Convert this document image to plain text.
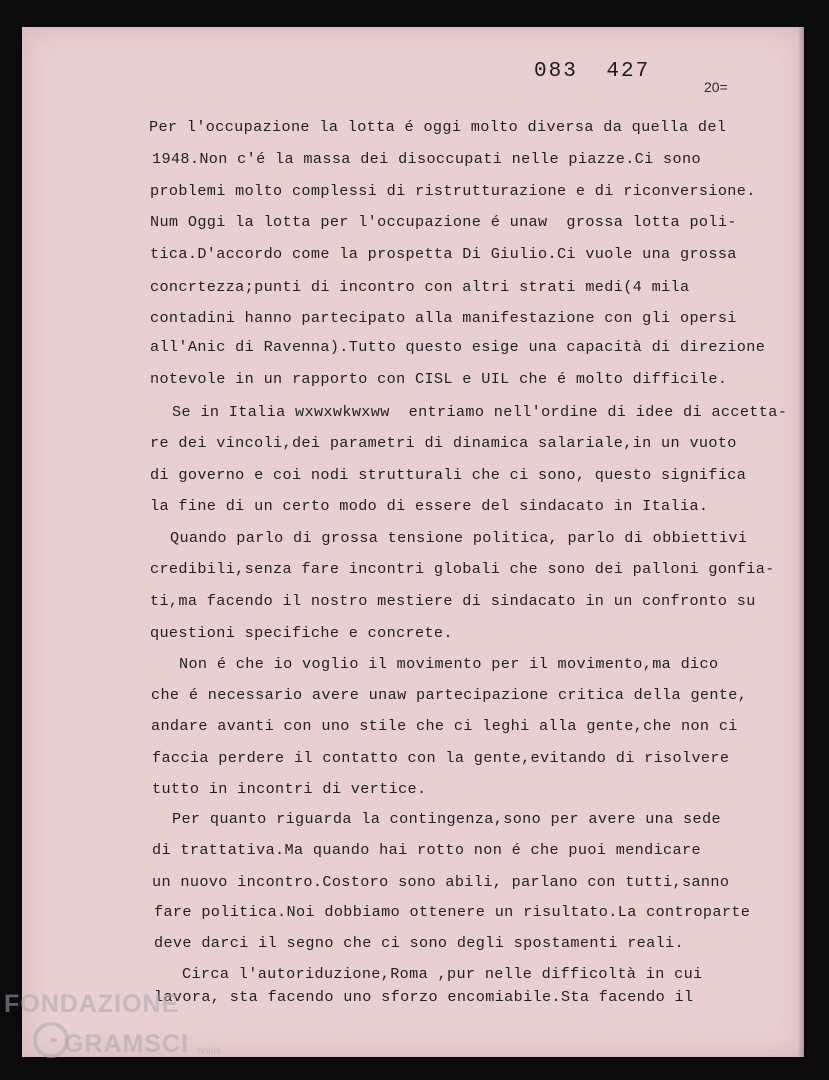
083 427
20=
Per l'occupazione la lotta é oggi molto diversa da quella del
1948.Non c'é la massa dei disoccupati nelle piazze.Ci sono
problemi molto complessi di ristrutturazione e di riconversione.
Num Oggi la lotta per l'occupazione é unaw  grossa lotta poli-
tica.D'accordo come la prospetta Di Giulio.Ci vuole una grossa
concrtezza;punti di incontro con altri strati medi(4 mila
contadini hanno partecipato alla manifestazione con gli opersi
all'Anic di Ravenna).Tutto questo esige una capacità di direzione
notevole in un rapporto con CISL e UIL che é molto difficile.
Se in Italia wxwxwkwxww  entriamo nell'ordine di idee di accetta-
re dei vincoli,dei parametri di dinamica salariale,in un vuoto
di governo e coi nodi strutturali che ci sono, questo significa
la fine di un certo modo di essere del sindacato in Italia.
Quando parlo di grossa tensione politica, parlo di obbiettivi
credibili,senza fare incontri globali che sono dei palloni gonfia-
ti,ma facendo il nostro mestiere di sindacato in un confronto su
questioni specifiche e concrete.
Non é che io voglio il movimento per il movimento,ma dico
che é necessario avere unaw partecipazione critica della gente,
andare avanti con uno stile che ci leghi alla gente,che non ci
faccia perdere il contatto con la gente,evitando di risolvere
tutto in incontri di vertice.
Per quanto riguarda la contingenza,sono per avere una sede
di trattativa.Ma quando hai rotto non é che puoi mendicare
un nuovo incontro.Costoro sono abili, parlano con tutti,sanno
fare politica.Noi dobbiamo ottenere un risultato.La controparte
deve darci il segno che ci sono degli spostamenti reali.
Circa l'autoriduzione,Roma ,pur nelle difficoltà in cui
lavora, sta facendo uno sforzo encomiabile.Sta facendo il
FONDAZIONE
GRAMSCI onlus
